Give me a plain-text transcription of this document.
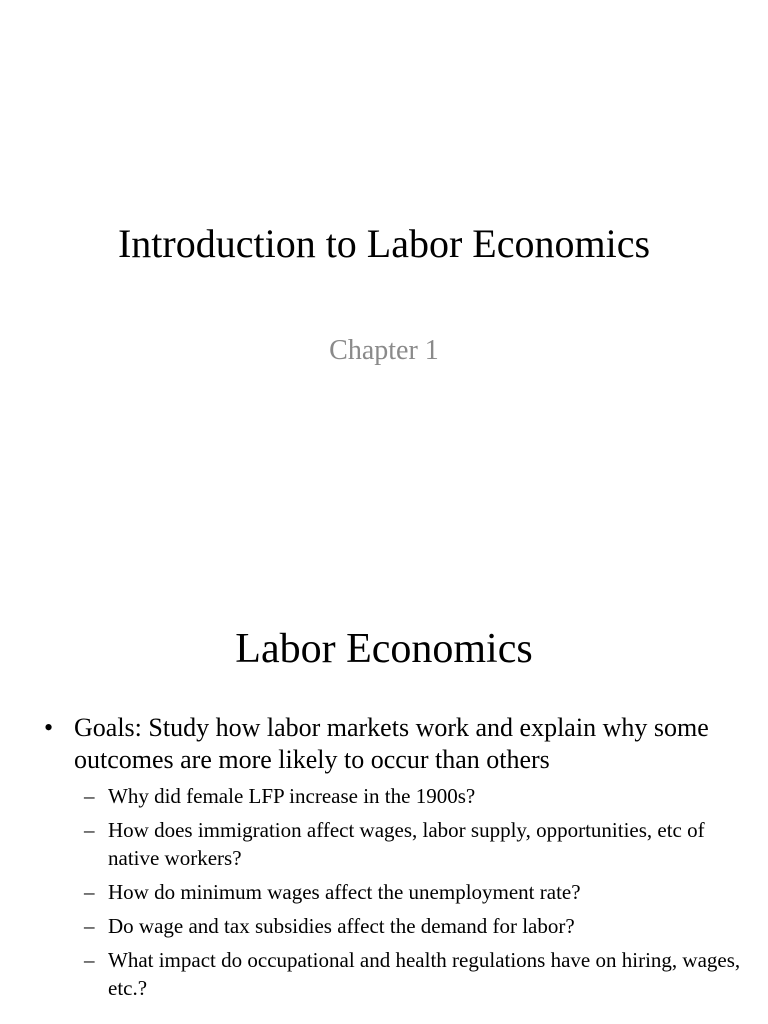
Introduction to Labor Economics
Chapter 1
Labor Economics
• Goals: Study how labor markets work and explain why some outcomes are more likely to occur than others
– Why did female LFP increase in the 1900s?
– How does immigration affect wages, labor supply, opportunities, etc of native workers?
– How do minimum wages affect the unemployment rate?
– Do wage and tax subsidies affect the demand for labor?
– What impact do occupational and health regulations have on hiring, wages, etc.?
